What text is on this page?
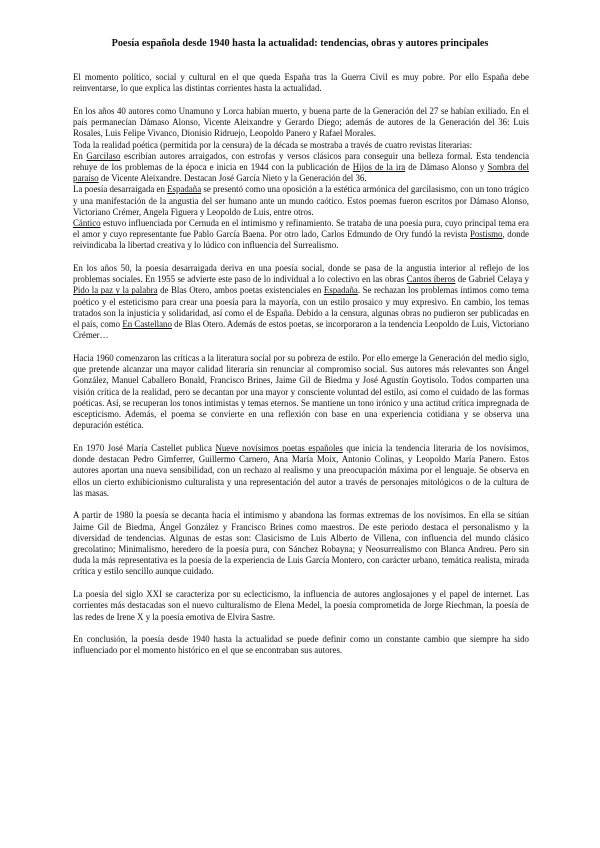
Poesía española desde 1940 hasta la actualidad: tendencias, obras y autores principales

El momento político, social y cultural en el que queda España tras la Guerra Civil es muy pobre. Por ello España debe reinventarse, lo que explica las distintas corrientes hasta la actualidad.

En los años 40 autores como Unamuno y Lorca habían muerto, y buena parte de la Generación del 27 se habían exiliado. En el país permanecían Dámaso Alonso, Vicente Aleixandre y Gerardo Diego; además de autores de la Generación del 36: Luis Rosales, Luis Felipe Vivanco, Dionisio Ridruejo, Leopoldo Panero y Rafael Morales.

Toda la realidad poética (permitida por la censura) de la década se mostraba a través de cuatro revistas literarias:

En Garcilaso escribían autores arraigados, con estrofas y versos clásicos para conseguir una belleza formal. Esta tendencia rehuye de los problemas de la época e inicia en 1944 con la publicación de Hijos de la ira de Dámaso Alonso y Sombra del paraíso de Vicente Aleixandre. Destacan José García Nieto y la Generación del 36.

La poesía desarraigada en Espadaña se presentó como una oposición a la estética armónica del garcilasismo, con un tono trágico y una manifestación de la angustia del ser humano ante un mundo caótico. Estos poemas fueron escritos por Dámaso Alonso, Victoriano Crémer, Angela Figuera y Leopoldo de Luis, entre otros.

Cántico estuvo influenciada por Cernuda en el intimismo y refinamiento. Se trataba de una poesía pura, cuyo principal tema era el amor y cuyo representante fue Pablo García Baena. Por otro lado, Carlos Edmundo de Ory fundó la revista Postismo, donde reivindicaba la libertad creativa y lo lúdico con influencia del Surrealismo.

En los años 50, la poesía desarraigada deriva en una poesía social, donde se pasa de la angustia interior al reflejo de los problemas sociales. En 1955 se advierte este paso de lo individual a lo colectivo en las obras Cantos íberos de Gabriel Celaya y Pido la paz y la palabra de Blas Otero, ambos poetas existenciales en Espadaña. Se rechazan los problemas íntimos como tema poético y el esteticismo para crear una poesía para la mayoría, con un estilo prosaico y muy expresivo. En cambio, los temas tratados son la injusticia y solidaridad, así como el de España. Debido a la censura, algunas obras no pudieron ser publicadas en el país, como En Castellano de Blas Otero. Además de estos poetas, se incorporaron a la tendencia Leopoldo de Luis, Victoriano Crémer…

Hacia 1960 comenzaron las críticas a la literatura social por su pobreza de estilo. Por ello emerge la Generación del medio siglo, que pretende alcanzar una mayor calidad literaria sin renunciar al compromiso social. Sus autores más relevantes son Ángel González, Manuel Caballero Bonald, Francisco Brines, Jaime Gil de Biedma y José Agustín Goytisolo. Todos comparten una visión crítica de la realidad, pero se decantan por una mayor y consciente voluntad del estilo, así como el cuidado de las formas poéticas. Así, se recuperan los tonos intimistas y temas eternos. Se mantiene un tono irónico y una actitud crítica impregnada de escepticismo. Además, el poema se convierte en una reflexión con base en una experiencia cotidiana y se observa una depuración estética.

En 1970 José María Castellet publica Nueve novísimos poetas españoles que inicia la tendencia literaria de los novísimos, donde destacan Pedro Gimferrer, Guillermo Carnero, Ana María Moix, Antonio Colinas, y Leopoldo María Panero. Estos autores aportan una nueva sensibilidad, con un rechazo al realismo y una preocupación máxima por el lenguaje. Se observa en ellos un cierto exhibicionismo culturalista y una representación del autor a través de personajes mitológicos o de la cultura de las masas.

A partir de 1980 la poesía se decanta hacia el intimismo y abandona las formas extremas de los novísimos. En ella se sitúan Jaime Gil de Biedma, Ángel González y Francisco Brines como maestros. De este periodo destaca el personalismo y la diversidad de tendencias. Algunas de estas son: Clasicismo de Luis Alberto de Villena, con influencia del mundo clásico grecolatino; Minimalismo, heredero de la poesía pura, con Sánchez Robayna; y Neosurrealismo con Blanca Andreu. Pero sin duda la más representativa es la poesía de la experiencia de Luis García Montero, con carácter urbano, temática realista, mirada crítica y estilo sencillo aunque cuidado.

La poesía del siglo XXI se caracteriza por su eclecticismo, la influencia de autores anglosajones y el papel de internet. Las corrientes más destacadas son el nuevo culturalismo de Elena Medel, la poesía comprometida de Jorge Riechman, la poesía de las redes de Irene X y la poesía emotiva de Elvira Sastre.

En conclusión, la poesía desde 1940 hasta la actualidad se puede definir como un constante cambio que siempre ha sido influenciado por el momento histórico en el que se encontraban sus autores.
